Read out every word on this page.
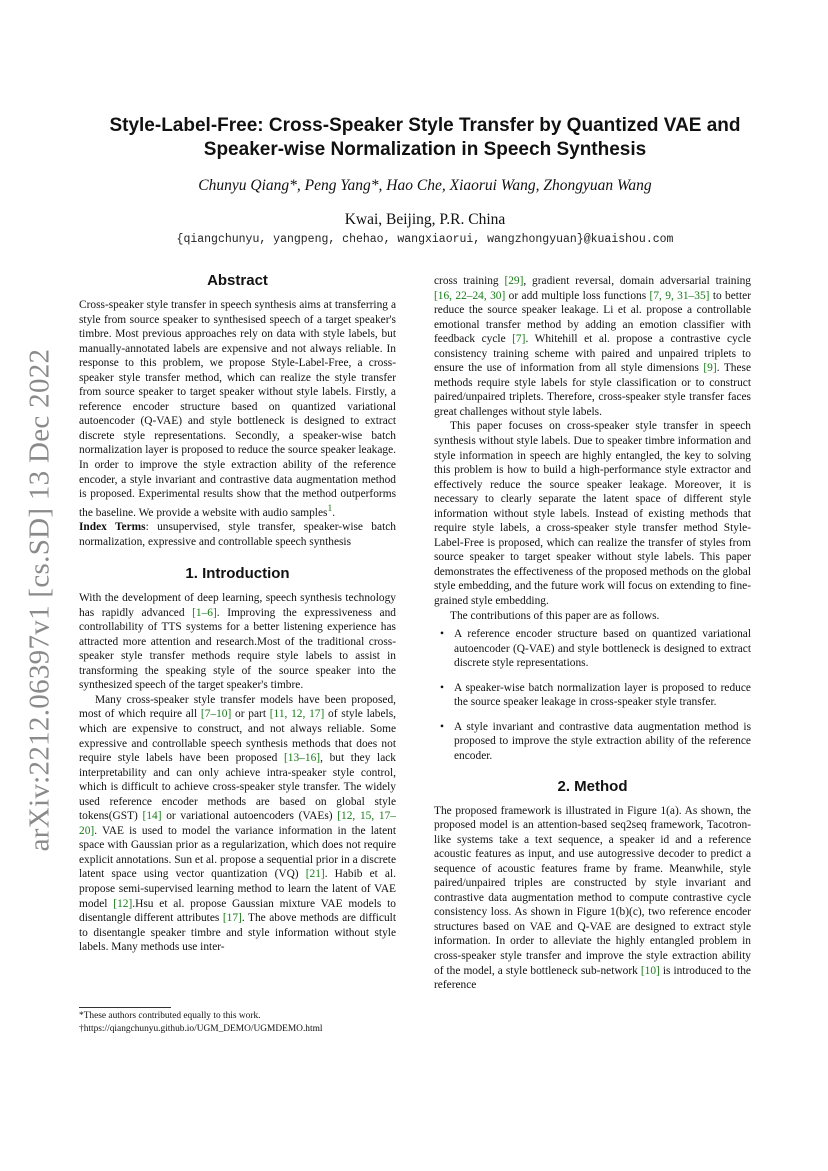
arXiv:2212.06397v1 [cs.SD] 13 Dec 2022
Style-Label-Free: Cross-Speaker Style Transfer by Quantized VAE and Speaker-wise Normalization in Speech Synthesis
Chunyu Qiang*, Peng Yang*, Hao Che, Xiaorui Wang, Zhongyuan Wang
Kwai, Beijing, P.R. China
{qiangchunyu, yangpeng, chehao, wangxiaorui, wangzhongyuan}@kuaishou.com
Abstract

Cross-speaker style transfer in speech synthesis aims at transferring a style from source speaker to synthesised speech of a target speaker's timbre. Most previous approaches rely on data with style labels, but manually-annotated labels are expensive and not always reliable. In response to this problem, we propose Style-Label-Free, a cross-speaker style transfer method, which can realize the style transfer from source speaker to target speaker without style labels. Firstly, a reference encoder structure based on quantized variational autoencoder (Q-VAE) and style bottleneck is designed to extract discrete style representations. Secondly, a speaker-wise batch normalization layer is proposed to reduce the source speaker leakage. In order to improve the style extraction ability of the reference encoder, a style invariant and contrastive data augmentation method is proposed. Experimental results show that the method outperforms the baseline. We provide a website with audio samples$^1$.

Index Terms: unsupervised, style transfer, speaker-wise batch normalization, expressive and controllable speech synthesis

1. Introduction

With the development of deep learning, speech synthesis technology has rapidly advanced [1–6]. Improving the expressiveness and controllability of TTS systems for a better listening experience has attracted more attention and research.Most of the traditional cross-speaker style transfer methods require style labels to assist in transforming the speaking style of the source speaker into the synthesized speech of the target speaker's timbre.

Many cross-speaker style transfer models have been proposed, most of which require all [7–10] or part [11, 12, 17] of style labels, which are expensive to construct, and not always reliable. Some expressive and controllable speech synthesis methods that does not require style labels have been proposed [13–16], but they lack interpretability and can only achieve intra-speaker style control, which is difficult to achieve cross-speaker style transfer. The widely used reference encoder methods are based on global style tokens(GST) [14] or variational autoencoders (VAEs) [12, 15, 17–20]. VAE is used to model the variance information in the latent space with Gaussian prior as a regularization, which does not require explicit annotations. Sun et al. propose a sequential prior in a discrete latent space using vector quantization (VQ) [21]. Habib et al. propose semi-supervised learning method to learn the latent of VAE model [12].Hsu et al. propose Gaussian mixture VAE models to disentangle different attributes [17]. The above methods are difficult to disentangle speaker timbre and style information without style labels. Many methods use inter-

*These authors contributed equally to this work.
†https://qiangchunyu.github.io/UGM_DEMO/UGMDEMO.html

cross training [29], gradient reversal, domain adversarial training [16, 22–24, 30] or add multiple loss functions [7, 9, 31–35] to better reduce the source speaker leakage. Li et al. propose a controllable emotional transfer method by adding an emotion classifier with feedback cycle [7]. Whitehill et al. propose a contrastive cycle consistency training scheme with paired and unpaired triplets to ensure the use of information from all style dimensions [9]. These methods require style labels for style classification or to construct paired/unpaired triplets. Therefore, cross-speaker style transfer faces great challenges without style labels.

This paper focuses on cross-speaker style transfer in speech synthesis without style labels. Due to speaker timbre information and style information in speech are highly entangled, the key to solving this problem is how to build a high-performance style extractor and effectively reduce the source speaker leakage. Moreover, it is necessary to clearly separate the latent space of different style information without style labels. Instead of existing methods that require style labels, a cross-speaker style transfer method Style-Label-Free is proposed, which can realize the transfer of styles from source speaker to target speaker without style labels. This paper demonstrates the effectiveness of the proposed methods on the global style embedding, and the future work will focus on extending to fine-grained style embedding.

The contributions of this paper are as follows.

• A reference encoder structure based on quantized variational autoencoder (Q-VAE) and style bottleneck is designed to extract discrete style representations.
• A speaker-wise batch normalization layer is proposed to reduce the source speaker leakage in cross-speaker style transfer.
• A style invariant and contrastive data augmentation method is proposed to improve the style extraction ability of the reference encoder.
2. Method

The proposed framework is illustrated in Figure 1(a). As shown, the proposed model is an attention-based seq2seq framework, Tacotron-like systems take a text sequence, a speaker id and a reference acoustic features as input, and use autogressive decoder to predict a sequence of acoustic features frame by frame. Meanwhile, style paired/unpaired triples are constructed by style invariant and contrastive data augmentation method to compute contrastive cycle consistency loss. As shown in Figure 1(b)(c), two reference encoder structures based on VAE and Q-VAE are designed to extract style information. In order to alleviate the highly entangled problem in cross-speaker style transfer and improve the style extraction ability of the model, a style bottleneck sub-network [10] is introduced to the reference
